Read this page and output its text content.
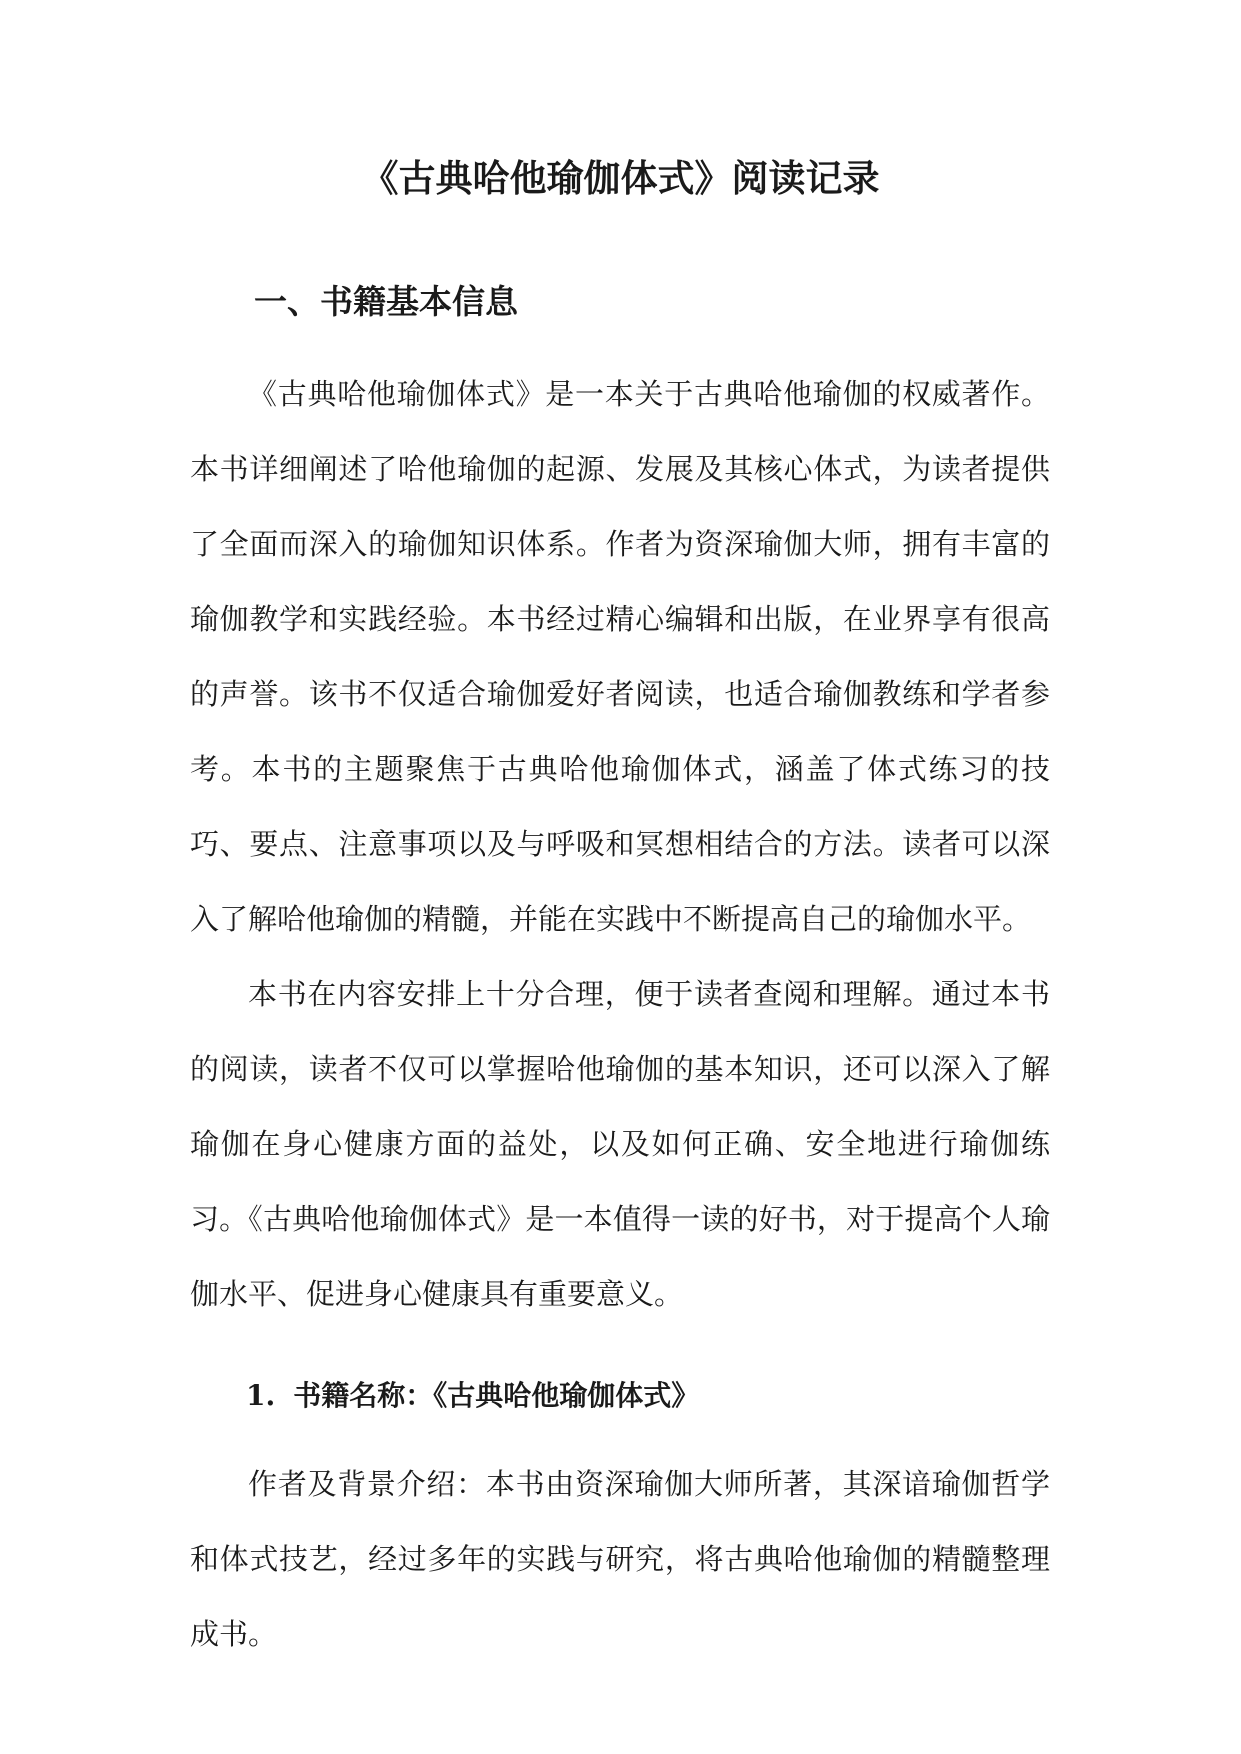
《古典哈他瑜伽体式》阅读记录
一、书籍基本信息

《古典哈他瑜伽体式》是一本关于古典哈他瑜伽的权威著作。本书详细阐述了哈他瑜伽的起源、发展及其核心体式，为读者提供了全面而深入的瑜伽知识体系。作者为资深瑜伽大师，拥有丰富的瑜伽教学和实践经验。本书经过精心编辑和出版，在业界享有很高的声誉。该书不仅适合瑜伽爱好者阅读，也适合瑜伽教练和学者参考。本书的主题聚焦于古典哈他瑜伽体式，涵盖了体式练习的技巧、要点、注意事项以及与呼吸和冥想相结合的方法。读者可以深入了解哈他瑜伽的精髓，并能在实践中不断提高自己的瑜伽水平。

本书在内容安排上十分合理，便于读者查阅和理解。通过本书的阅读，读者不仅可以掌握哈他瑜伽的基本知识，还可以深入了解瑜伽在身心健康方面的益处，以及如何正确、安全地进行瑜伽练习。《古典哈他瑜伽体式》是一本值得一读的好书，对于提高个人瑜伽水平、促进身心健康具有重要意义。

1. 书籍名称：《古典哈他瑜伽体式》

作者及背景介绍：本书由资深瑜伽大师所著，其深谙瑜伽哲学和体式技艺，经过多年的实践与研究，将古典哈他瑜伽的精髓整理成书。
